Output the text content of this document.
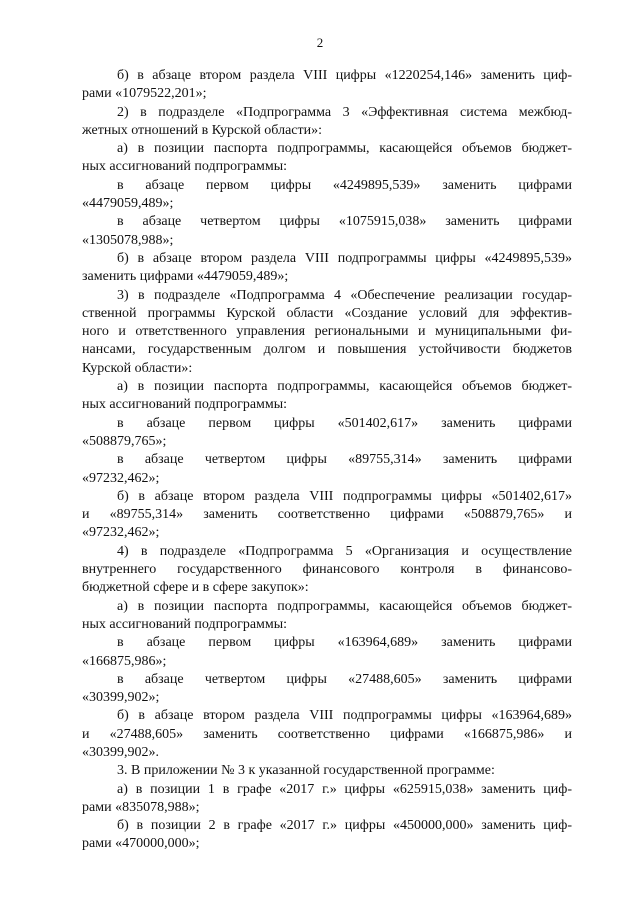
2
б) в абзаце втором раздела VIII цифры «1220254,146» заменить циф-
рами «1079522,201»;
2) в подразделе «Подпрограмма 3 «Эффективная система межбюд-
жетных отношений в Курской области»:
а) в позиции паспорта подпрограммы, касающейся объемов бюджет-
ных ассигнований подпрограммы:
в абзаце первом цифры «4249895,539» заменить цифрами
«4479059,489»;
в абзаце четвертом цифры «1075915,038» заменить цифрами
«1305078,988»;
б) в абзаце втором раздела VIII подпрограммы цифры «4249895,539»
заменить цифрами «4479059,489»;
3) в подразделе «Подпрограмма 4 «Обеспечение реализации государ-
ственной программы Курской области «Создание условий для эффектив-
ного и ответственного управления региональными и муниципальными фи-
нансами, государственным долгом и повышения устойчивости бюджетов
Курской области»:
а) в позиции паспорта подпрограммы, касающейся объемов бюджет-
ных ассигнований подпрограммы:
в абзаце первом цифры «501402,617» заменить цифрами
«508879,765»;
в абзаце четвертом цифры «89755,314» заменить цифрами
«97232,462»;
б) в абзаце втором раздела VIII подпрограммы цифры «501402,617»
и «89755,314» заменить соответственно цифрами «508879,765» и
«97232,462»;
4) в подразделе «Подпрограмма 5 «Организация и осуществление
внутреннего государственного финансового контроля в финансово-
бюджетной сфере и в сфере закупок»:
а) в позиции паспорта подпрограммы, касающейся объемов бюджет-
ных ассигнований подпрограммы:
в абзаце первом цифры «163964,689» заменить цифрами
«166875,986»;
в абзаце четвертом цифры «27488,605» заменить цифрами
«30399,902»;
б) в абзаце втором раздела VIII подпрограммы цифры «163964,689»
и «27488,605» заменить соответственно цифрами «166875,986» и
«30399,902».
3. В приложении № 3 к указанной государственной программе:
а) в позиции 1 в графе «2017 г.» цифры «625915,038» заменить циф-
рами «835078,988»;
б) в позиции 2 в графе «2017 г.» цифры «450000,000» заменить циф-
рами «470000,000»;
